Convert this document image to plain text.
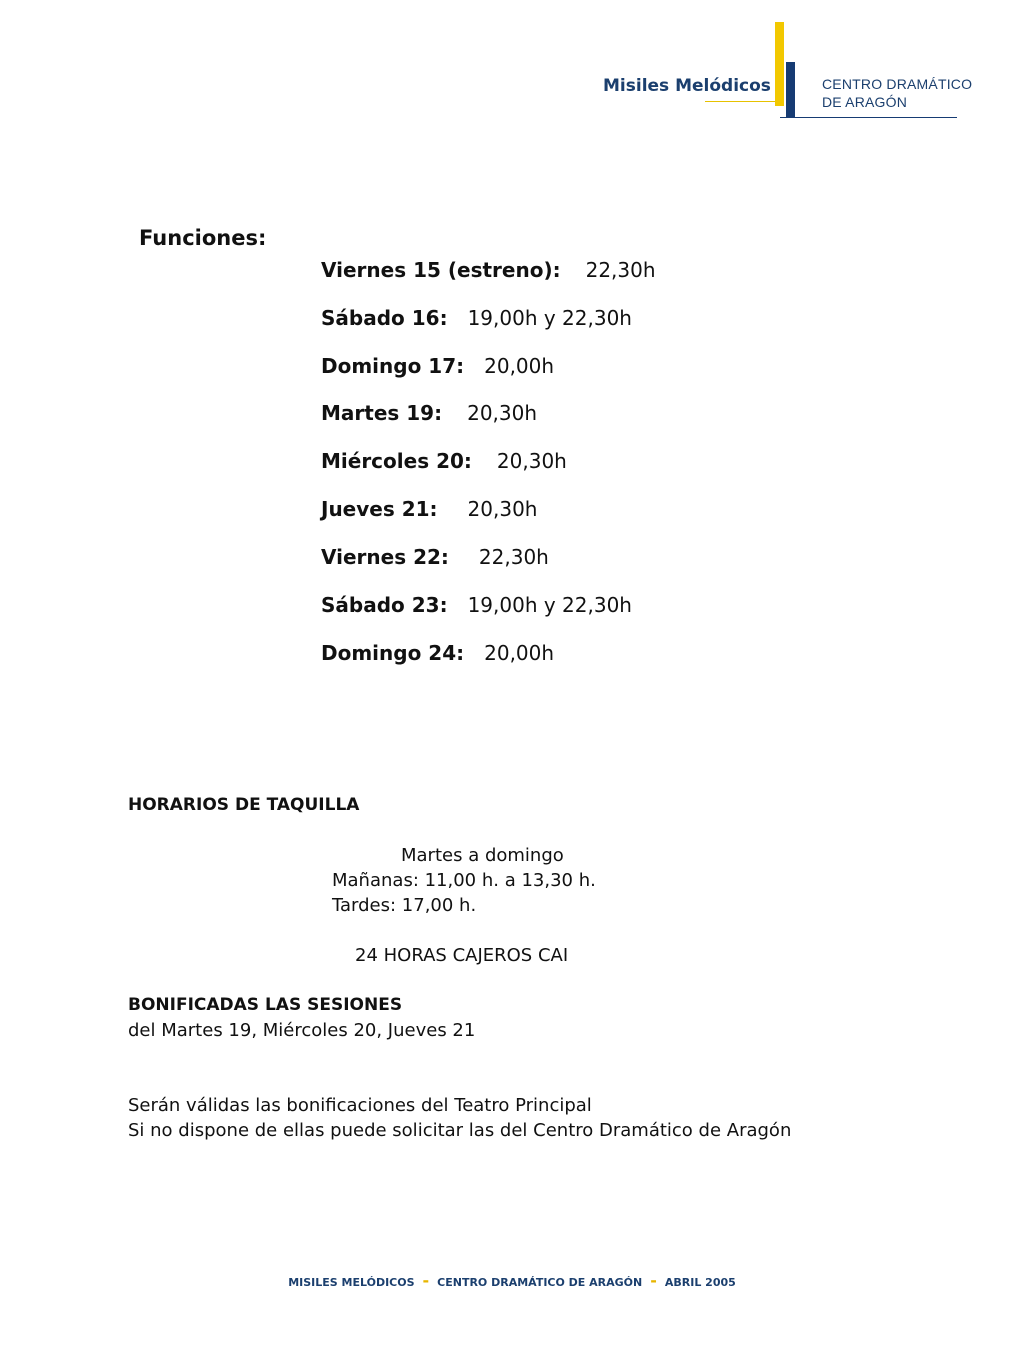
Misiles Melódicos	CENTRO DRAMÁTICO
DE ARAGÓN
Funciones:
Viernes 15 (estreno): 22,30h
Sábado 16: 19,00h y 22,30h
Domingo 17: 20,00h
Martes 19: 20,30h
Miércoles 20: 20,30h
Jueves 21: 20,30h
Viernes 22: 22,30h
Sábado 23: 19,00h y 22,30h
Domingo 24: 20,00h
HORARIOS DE TAQUILLA
Martes a domingo
Mañanas: 11,00 h. a 13,30 h.
Tardes: 17,00 h.
24 HORAS CAJEROS CAI
BONIFICADAS LAS SESIONES
del Martes 19, Miércoles 20, Jueves 21
Serán válidas las bonificaciones del Teatro Principal
Si no dispone de ellas puede solicitar las del Centro Dramático de Aragón
MISILES MELÓDICOS - CENTRO DRAMÁTICO DE ARAGÓN - ABRIL 2005
